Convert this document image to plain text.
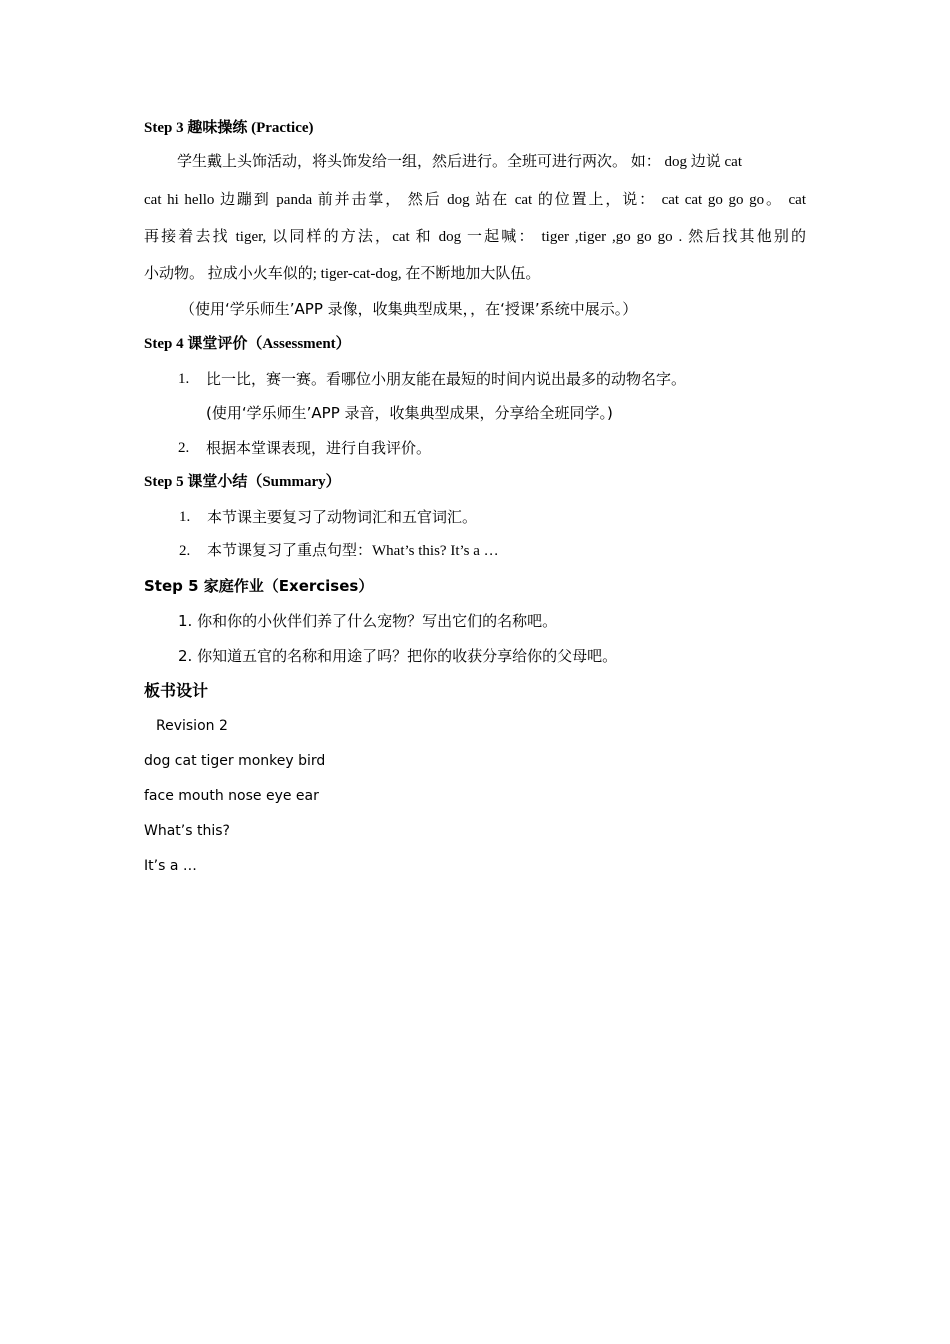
Step 3 趣味操练 (Practice)
学生戴上头饰活动，将头饰发给一组，然后进行。全班可进行两次。 如： dog 边说 cat
cat hi hello 边蹦到 panda 前并击掌， 然后 dog 站在 cat 的位置上，说： cat cat go go go。 cat
再接着去找 tiger, 以同样的方法，cat 和 dog 一起喊： tiger ,tiger ,go go go . 然后找其他别的
小动物。 拉成小火车似的; tiger-cat-dog, 在不断地加大队伍。
（使用‘学乐师生’APP 录像，收集典型成果，，在‘授课’系统中展示。）
Step 4 课堂评价（Assessment）
1. 比一比，赛一赛。看哪位小朋友能在最短的时间内说出最多的动物名字。
(使用‘学乐师生’APP 录音，收集典型成果，分享给全班同学。)
2. 根据本堂课表现，进行自我评价。
Step 5 课堂小结（Summary）
1. 本节课主要复习了动物词汇和五官词汇。
2. 本节课复习了重点句型：What’s this? It’s a …
Step 5 家庭作业（Exercises）
1. 你和你的小伙伴们养了什么宠物？写出它们的名称吧。
2. 你知道五官的名称和用途了吗？把你的收获分享给你的父母吧。
板书设计
Revision 2
dog cat tiger monkey bird
face mouth nose eye ear
What’s this?
It’s a …
